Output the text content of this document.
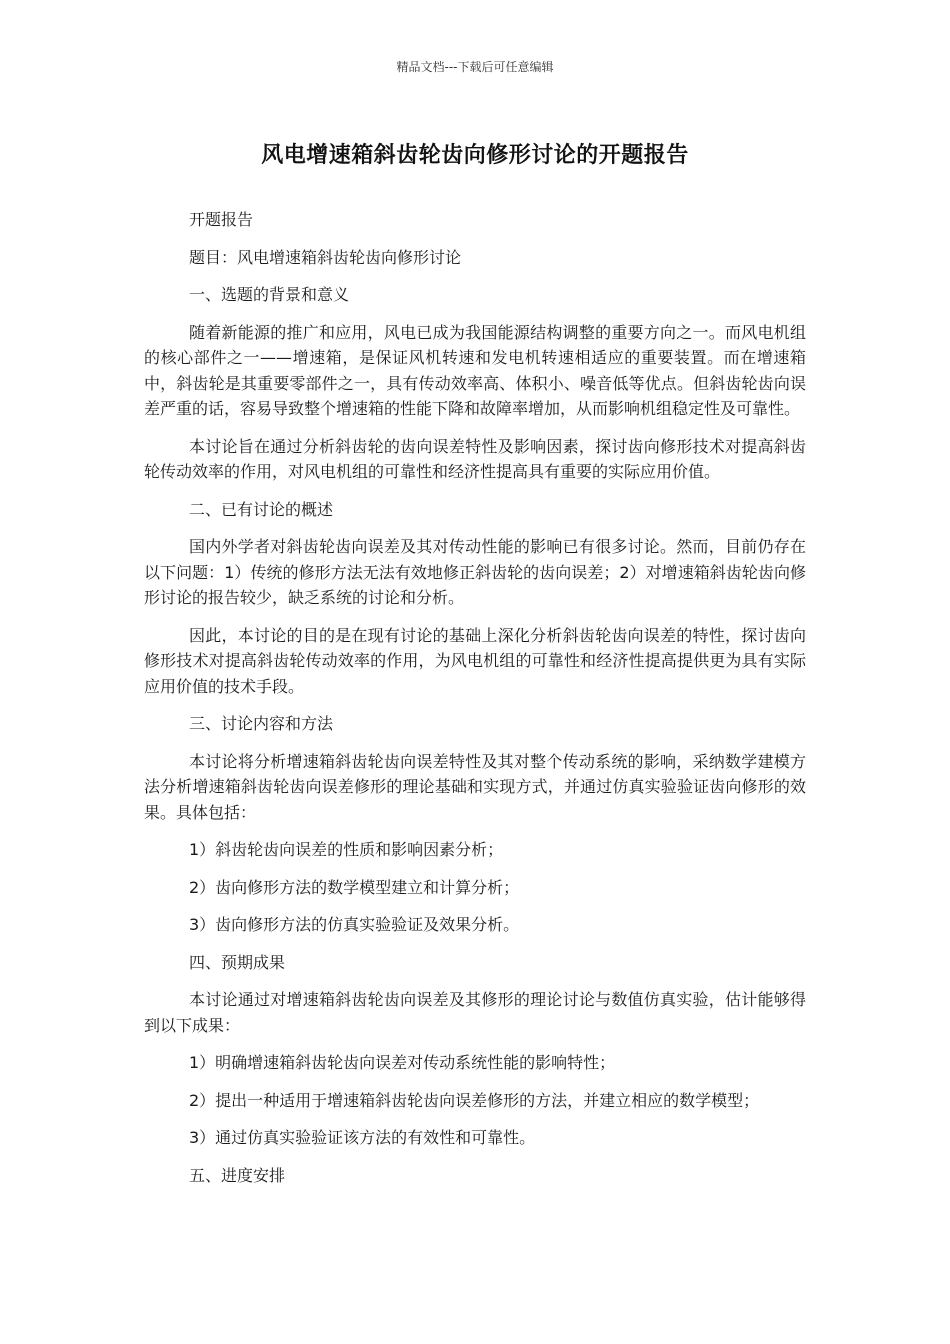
精品文档---下载后可任意编辑
风电增速箱斜齿轮齿向修形讨论的开题报告

开题报告

题目：风电增速箱斜齿轮齿向修形讨论

一、选题的背景和意义

随着新能源的推广和应用，风电已成为我国能源结构调整的重要方向之一。而风电机组的核心部件之一——增速箱，是保证风机转速和发电机转速相适应的重要装置。而在增速箱中，斜齿轮是其重要零部件之一，具有传动效率高、体积小、噪音低等优点。但斜齿轮齿向误差严重的话，容易导致整个增速箱的性能下降和故障率增加，从而影响机组稳定性及可靠性。

本讨论旨在通过分析斜齿轮的齿向误差特性及影响因素，探讨齿向修形技术对提高斜齿轮传动效率的作用，对风电机组的可靠性和经济性提高具有重要的实际应用价值。

二、已有讨论的概述

国内外学者对斜齿轮齿向误差及其对传动性能的影响已有很多讨论。然而，目前仍存在以下问题：1）传统的修形方法无法有效地修正斜齿轮的齿向误差；2）对增速箱斜齿轮齿向修形讨论的报告较少，缺乏系统的讨论和分析。

因此，本讨论的目的是在现有讨论的基础上深化分析斜齿轮齿向误差的特性，探讨齿向修形技术对提高斜齿轮传动效率的作用，为风电机组的可靠性和经济性提高提供更为具有实际应用价值的技术手段。

三、讨论内容和方法

本讨论将分析增速箱斜齿轮齿向误差特性及其对整个传动系统的影响，采纳数学建模方法分析增速箱斜齿轮齿向误差修形的理论基础和实现方式，并通过仿真实验验证齿向修形的效果。具体包括：

1）斜齿轮齿向误差的性质和影响因素分析；

2）齿向修形方法的数学模型建立和计算分析；

3）齿向修形方法的仿真实验验证及效果分析。

四、预期成果

本讨论通过对增速箱斜齿轮齿向误差及其修形的理论讨论与数值仿真实验，估计能够得到以下成果：

1）明确增速箱斜齿轮齿向误差对传动系统性能的影响特性；

2）提出一种适用于增速箱斜齿轮齿向误差修形的方法，并建立相应的数学模型；

3）通过仿真实验验证该方法的有效性和可靠性。

五、进度安排
